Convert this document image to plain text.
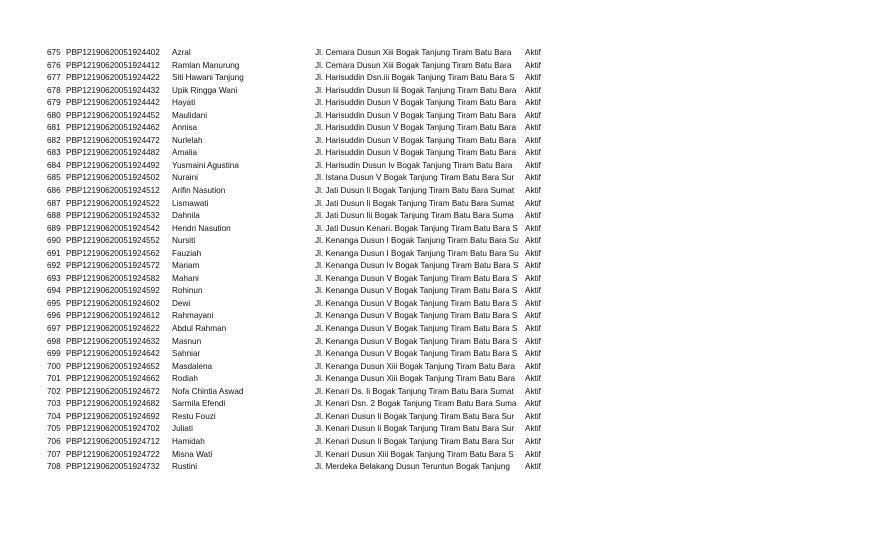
675 PBP12190620051924402 Azral	Jl. Cemara Dusun Xiii Bogak Tanjung Tiram Batu Bara	Aktif
676 PBP12190620051924412 Ramlan Manurung	Jl. Cemara Dusun Xiii Bogak Tanjung Tiram Batu Bara	Aktif
677 PBP12190620051924422 Siti Hawani Tanjung	Jl. Harisuddin Dsn.iii Bogak Tanjung Tiram Batu Bara S	Aktif
678 PBP12190620051924432 Upik Ringga Wani	Jl. Harisuddin Dusun Iii Bogak Tanjung Tiram Batu Bara	Aktif
679 PBP12190620051924442 Hayati	Jl. Harisuddin Dusun V Bogak Tanjung Tiram Batu Bara	Aktif
680 PBP12190620051924452 Maulidani	Jl. Harisuddin Dusun V Bogak Tanjung Tiram Batu Bara	Aktif
681 PBP12190620051924462 Annisa	Jl. Harisuddin Dusun V Bogak Tanjung Tiram Batu Bara	Aktif
682 PBP12190620051924472 Nurlelah	Jl. Harisuddin Dusun V Bogak Tanjung Tiram Batu Bara	Aktif
683 PBP12190620051924482 Amalia	Jl. Harisuddin Dusun V Bogak Tanjung Tiram Batu Bara	Aktif
684 PBP12190620051924492 Yusmaini Agustina	Jl. Harisudin Dusun Iv Bogak Tanjung Tiram Batu Bara	Aktif
685 PBP12190620051924502 Nuraini	Jl. Istana Dusun V Bogak Tanjung Tiram Batu Bara Sur	Aktif
686 PBP12190620051924512 Arifin Nasution	Jl. Jati Dusun Ii Bogak Tanjung Tiram Batu Bara Sumat	Aktif
687 PBP12190620051924522 Lismawati	Jl. Jati Dusun Ii Bogak Tanjung Tiram Batu Bara Sumat	Aktif
688 PBP12190620051924532 Dahnila	Jl. Jati Dusun Iii Bogak Tanjung Tiram Batu Bara Suma	Aktif
689 PBP12190620051924542 Hendri Nasution	Jl. Jati Dusun Kenari. Bogak Tanjung Tiram Batu Bara S Aktif
690 PBP12190620051924552 Nursiti	Jl. Kenanga Dusun I Bogak Tanjung Tiram Batu Bara Su Aktif
691 PBP12190620051924562 Fauziah	Jl. Kenanga Dusun I Bogak Tanjung Tiram Batu Bara Su Aktif
692 PBP12190620051924572 Mariam	Jl. Kenanga Dusun Iv Bogak Tanjung Tiram Batu Bara S Aktif
693 PBP12190620051924582 Mahani	Jl. Kenanga Dusun V Bogak Tanjung Tiram Batu Bara S Aktif
694 PBP12190620051924592 Rohinun	Jl. Kenanga Dusun V Bogak Tanjung Tiram Batu Bara S Aktif
695 PBP12190620051924602 Dewi	Jl. Kenanga Dusun V Bogak Tanjung Tiram Batu Bara S Aktif
696 PBP12190620051924612 Rahmayani	Jl. Kenanga Dusun V Bogak Tanjung Tiram Batu Bara S Aktif
697 PBP12190620051924622 Abdul Rahman	Jl. Kenanga Dusun V Bogak Tanjung Tiram Batu Bara S Aktif
698 PBP12190620051924632 Masnun	Jl. Kenanga Dusun V Bogak Tanjung Tiram Batu Bara S Aktif
699 PBP12190620051924642 Sahniar	Jl. Kenanga Dusun V Bogak Tanjung Tiram Batu Bara S Aktif
700 PBP12190620051924652 Masdalena	Jl. Kenanga Dusun Xiii Bogak Tanjung Tiram Batu Bara	Aktif
701 PBP12190620051924662 Rodiah	Jl. Kenanga Dusun Xiii Bogak Tanjung Tiram Batu Bara	Aktif
702 PBP12190620051924672 Nofa Chintia Aswad	Jl. Kenari Ds. Ii Bogak Tanjung Tiram Batu Bara Sumat	Aktif
703 PBP12190620051924682 Sarmila Efendi	Jl. Kenari Dsn. 2 Bogak Tanjung Tiram Batu Bara Suma	Aktif
704 PBP12190620051924692 Restu Fouzi	Jl. Kenari Dusun Ii Bogak Tanjung Tiram Batu Bara Sur	Aktif
705 PBP12190620051924702 Juliati	Jl. Kenari Dusun Ii Bogak Tanjung Tiram Batu Bara Sur	Aktif
706 PBP12190620051924712 Hamidah	Jl. Kenari Dusun Ii Bogak Tanjung Tiram Batu Bara Sur	Aktif
707 PBP12190620051924722 Misna Wati	Jl. Kenari Dusun Xiii Bogak Tanjung Tiram Batu Bara S	Aktif
708 PBP12190620051924732 Rustini	Jl. Merdeka Belakang Dusun Teruntun Bogak Tanjung	Aktif
